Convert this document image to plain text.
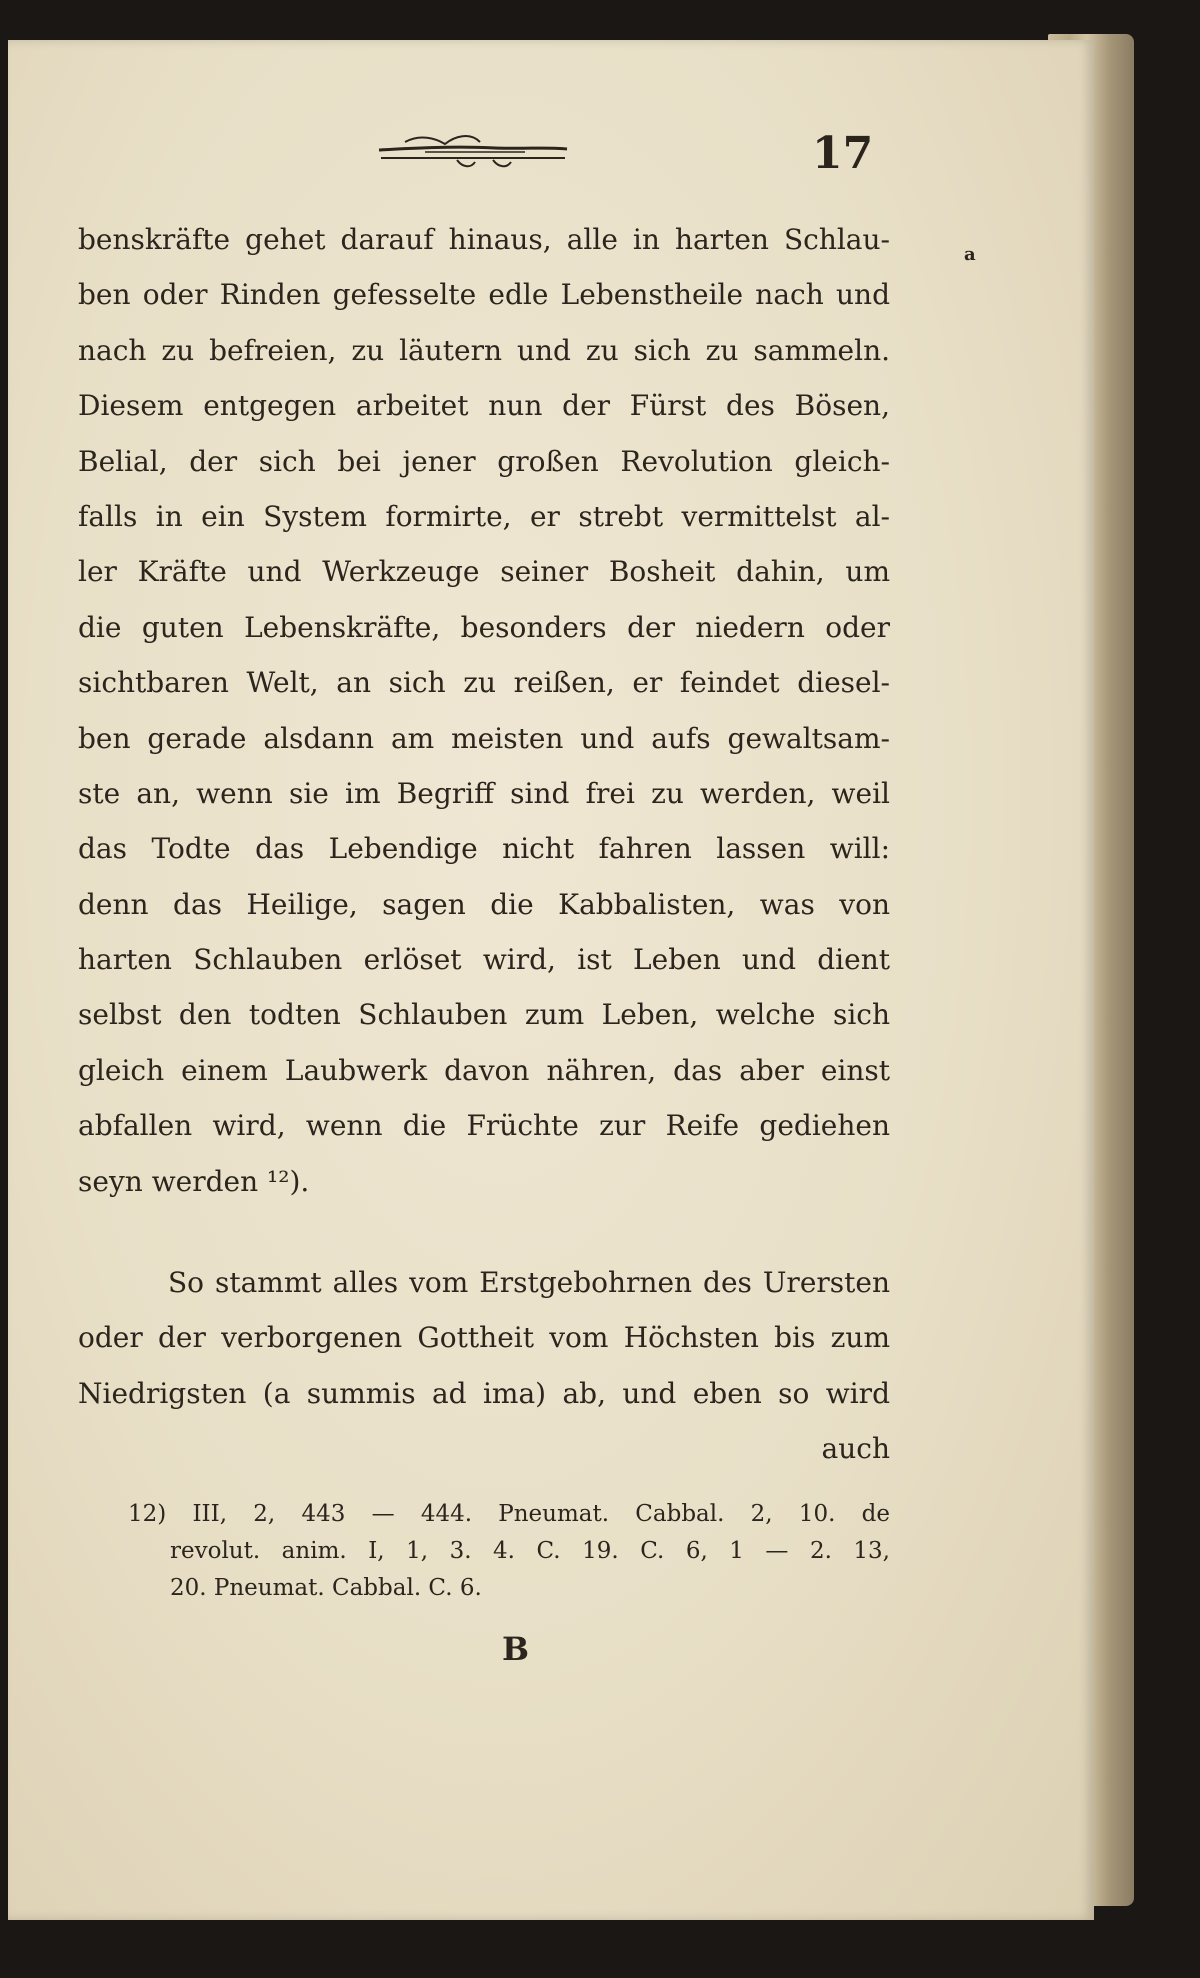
17
a
benskräfte gehet darauf hinaus, alle in harten Schlau-
ben oder Rinden gefesselte edle Lebenstheile nach und
nach zu befreien, zu läutern und zu sich zu sammeln.
Diesem entgegen arbeitet nun der Fürst des Bösen,
Belial, der sich bei jener großen Revolution gleich-
falls in ein System formirte, er strebt vermittelst al-
ler Kräfte und Werkzeuge seiner Bosheit dahin, um
die guten Lebenskräfte, besonders der niedern oder
sichtbaren Welt, an sich zu reißen, er feindet diesel-
ben gerade alsdann am meisten und aufs gewaltsam-
ste an, wenn sie im Begriff sind frei zu werden, weil
das Todte das Lebendige nicht fahren lassen will:
denn das Heilige, sagen die Kabbalisten, was von
harten Schlauben erlöset wird, ist Leben und dient
selbst den todten Schlauben zum Leben, welche sich
gleich einem Laubwerk davon nähren, das aber einst
abfallen wird, wenn die Früchte zur Reife gediehen
seyn werden ¹²).
So stammt alles vom Erstgebohrnen des Urersten
oder der verborgenen Gottheit vom Höchsten bis zum
Niedrigsten (a summis ad ima) ab, und eben so wird
auch
12) III, 2, 443 — 444. Pneumat. Cabbal. 2, 10. de
revolut. anim. I, 1, 3. 4. C. 19. C. 6, 1 — 2. 13,
20. Pneumat. Cabbal. C. 6.
B
